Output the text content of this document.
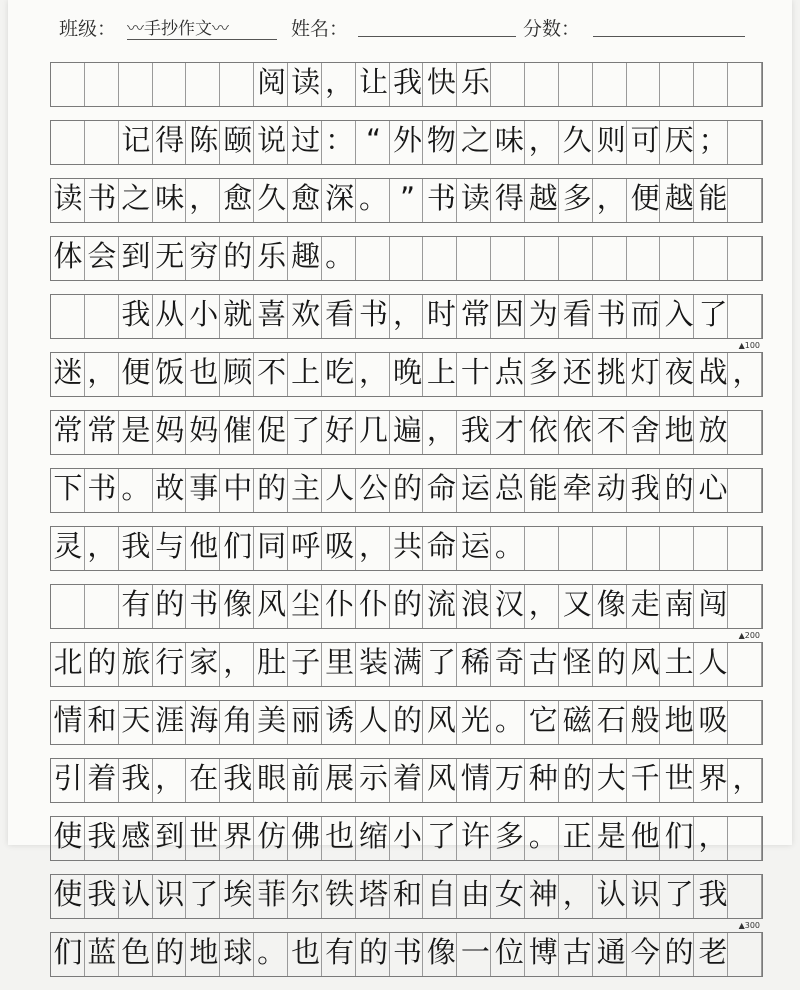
班级： 〰手抄作文〰	姓名：	分数：
阅 读 ， 让 我 快 乐
记 得 陈 颐 说 过 ： “ 外 物 之 味 ， 久 则 可 厌 ；
读 书 之 味 ， 愈 久 愈 深 。 ” 书 读 得 越 多 ， 便 越 能
体 会 到 无 穷 的 乐 趣 。
我 从 小 就 喜 欢 看 书 ， 时 常 因 为 看 书 而 入 了
▲100
迷 ， 便 饭 也 顾 不 上 吃 ， 晚 上 十 点 多 还 挑 灯 夜 战 ，
常 常 是 妈 妈 催 促 了 好 几 遍 ， 我 才 依 依 不 舍 地 放
下 书 。 故 事 中 的 主 人 公 的 命 运 总 能 牵 动 我 的 心
灵 ， 我 与 他 们 同 呼 吸 ， 共 命 运 。
有 的 书 像 风 尘 仆 仆 的 流 浪 汉 ， 又 像 走 南 闯
▲200
北 的 旅 行 家 ， 肚 子 里 装 满 了 稀 奇 古 怪 的 风 土 人
情 和 天 涯 海 角 美 丽 诱 人 的 风 光 。 它 磁 石 般 地 吸
引 着 我 ， 在 我 眼 前 展 示 着 风 情 万 种 的 大 千 世 界 ，
使 我 感 到 世 界 仿 佛 也 缩 小 了 许 多 。 正 是 他 们 ，
使 我 认 识 了 埃 菲 尔 铁 塔 和 自 由 女 神 ， 认 识 了 我
▲300
们 蓝 色 的 地 球 。 也 有 的 书 像 一 位 博 古 通 今 的 老
